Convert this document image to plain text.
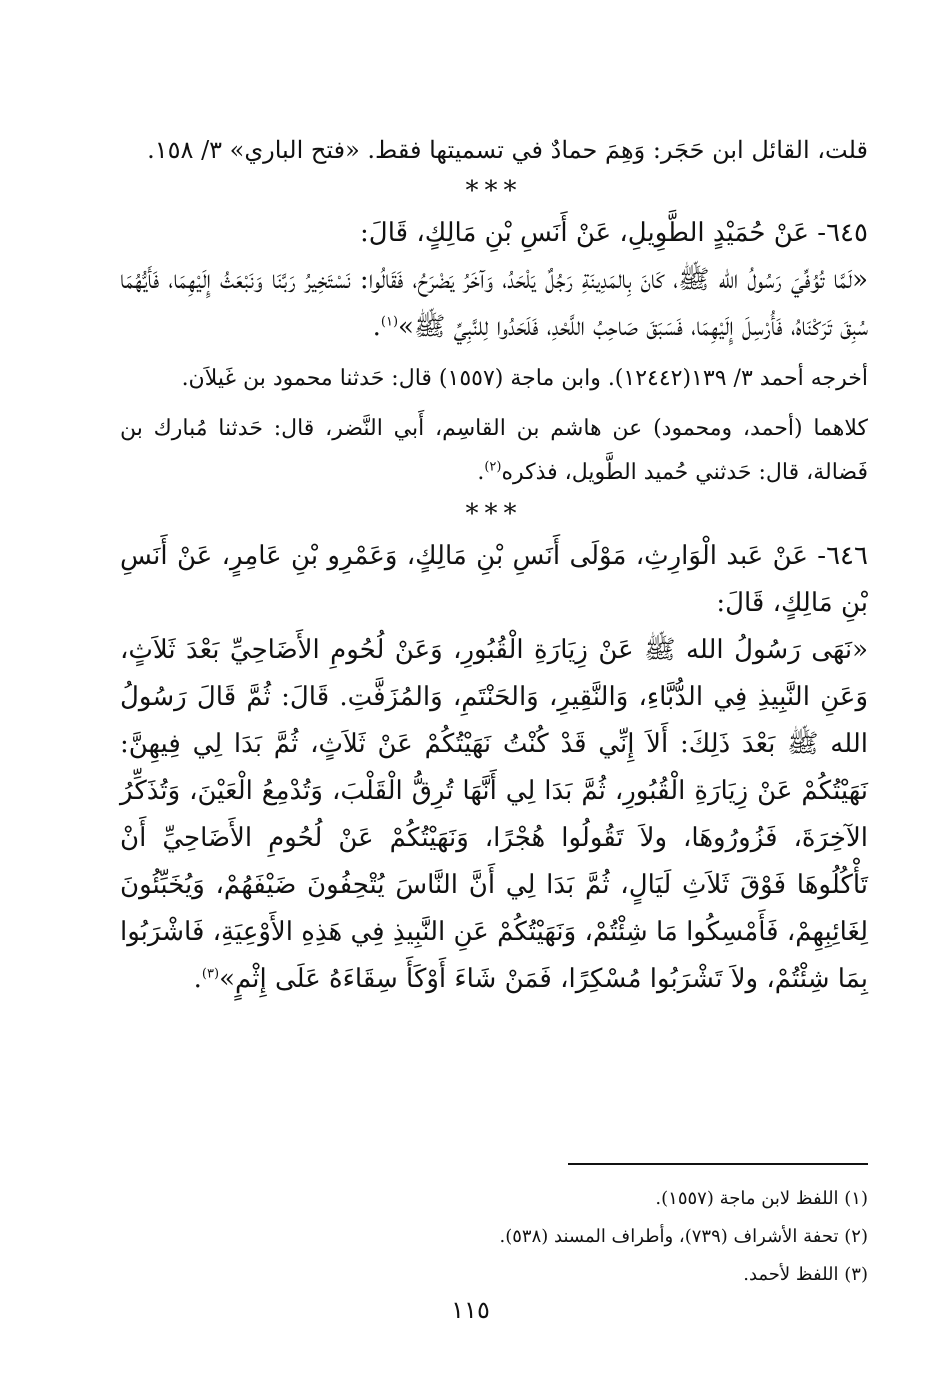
قلت، القائل ابن حَجَر: وَهِمَ حمادٌ في تسميتها فقط. «فتح الباري» ٣/ ١٥٨.

***

٦٤٥- عَنْ حُمَيْدٍ الطَّوِيلِ، عَنْ أَنَسِ بْنِ مَالِكٍ، قَالَ:

«لَمَّا تُوُفِّيَ رَسُولُ الله ﷺ، كَانَ بِالمَدِينَةِ رَجُلٌ يَلْحَدُ، وَآخَرُ يَضْرَحُ، فَقَالُوا: نَسْتَخِيرُ رَبَّنَا وَنَبْعَثُ إِلَيْهِمَا، فَأَيُّهُمَا سُبِقَ تَرَكْنَاهُ، فَأُرْسِلَ إِلَيْهِمَا، فَسَبَقَ صَاحِبُ اللَّحْدِ، فَلَحَدُوا لِلنَّبِيِّ ﷺ»$^{(١)}$.

أخرجه أحمد ٣/ ١٣٩(١٢٤٤٢). وابن ماجة (١٥٥٧) قال: حَدثنا محمود بن غَيلاَن.

كلاهما (أحمد، ومحمود) عن هاشم بن القاسِم، أَبي النَّضر، قال: حَدثنا مُبارك بن فَضالة، قال: حَدثني حُميد الطَّويل، فذكره$^{(٢)}$.

***

٦٤٦- عَنْ عَبد الْوَارِثِ، مَوْلَى أَنَسِ بْنِ مَالِكٍ، وَعَمْرِو بْنِ عَامِرٍ، عَنْ أَنَسِ بْنِ مَالِكٍ، قَالَ:

«نَهَى رَسُولُ الله ﷺ عَنْ زِيَارَةِ الْقُبُورِ، وَعَنْ لُحُومِ الأَضَاحِيِّ بَعْدَ ثَلاَثٍ، وَعَنِ النَّبِيذِ فِي الدُّبَّاءِ، وَالنَّقِيرِ، وَالحَنْتَمِ، وَالمُزَفَّتِ. قَالَ: ثُمَّ قَالَ رَسُولُ الله ﷺ بَعْدَ ذَلِكَ: أَلاَ إِنِّي قَدْ كُنْتُ نَهَيْتُكُمْ عَنْ ثَلاَثٍ، ثُمَّ بَدَا لِي فِيهِنَّ: نَهَيْتُكُمْ عَنْ زِيَارَةِ الْقُبُورِ، ثُمَّ بَدَا لِي أَنَّهَا تُرِقُّ الْقَلْبَ، وَتُدْمِعُ الْعَيْنَ، وَتُذَكِّرُ الآخِرَةَ، فَزُورُوهَا، ولاَ تَقُولُوا هُجْرًا، وَنَهَيْتُكُمْ عَنْ لُحُومِ الأَضَاحِيِّ أَنْ تَأْكُلُوهَا فَوْقَ ثَلاَثِ لَيَالٍ، ثُمَّ بَدَا لِي أَنَّ النَّاسَ يُتْحِفُونَ ضَيْفَهُمْ، وَيُخَبِّئُونَ لِغَائِبِهِمْ، فَأَمْسِكُوا مَا شِئْتُمْ، وَنَهَيْتُكُمْ عَنِ النَّبِيذِ فِي هَذِهِ الأَوْعِيَةِ، فَاشْرَبُوا بِمَا شِئْتُمْ، ولاَ تَشْرَبُوا مُسْكِرًا، فَمَنْ شَاءَ أَوْكَأَ سِقَاءَهُ عَلَى إِثْمٍ»$^{(٣)}$.

(١) اللفظ لابن ماجة (١٥٥٧).

(٢) تحفة الأشراف (٧٣٩)، وأطراف المسند (٥٣٨).

(٣) اللفظ لأحمد.

١١٥
